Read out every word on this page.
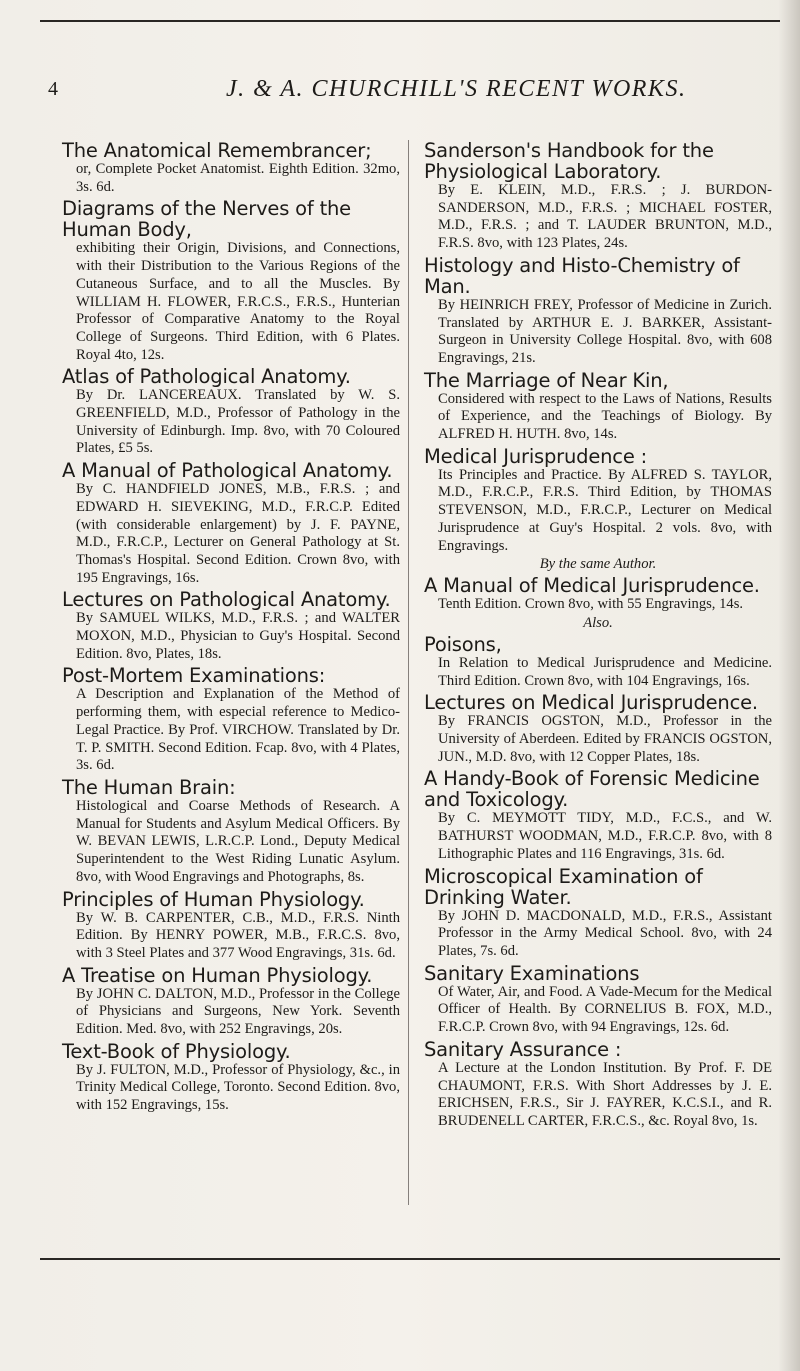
4	J. & A. CHURCHILL'S RECENT WORKS.
The Anatomical Remembrancer;
or, Complete Pocket Anatomist. Eighth Edition. 32mo, 3s. 6d.
Diagrams of the Nerves of the Human Body,
exhibiting their Origin, Divisions, and Connections, with their Distribution to the Various Regions of the Cutaneous Surface, and to all the Muscles. By WILLIAM H. FLOWER, F.R.C.S., F.R.S., Hunterian Professor of Comparative Anatomy to the Royal College of Surgeons. Third Edition, with 6 Plates. Royal 4to, 12s.
Atlas of Pathological Anatomy.
By Dr. LANCEREAUX. Translated by W. S. GREENFIELD, M.D., Professor of Pathology in the University of Edinburgh. Imp. 8vo, with 70 Coloured Plates, £5 5s.
A Manual of Pathological Anatomy.
By C. HANDFIELD JONES, M.B., F.R.S. ; and EDWARD H. SIEVEKING, M.D., F.R.C.P. Edited (with considerable enlargement) by J. F. PAYNE, M.D., F.R.C.P., Lecturer on General Pathology at St. Thomas's Hospital. Second Edition. Crown 8vo, with 195 Engravings, 16s.
Lectures on Pathological Anatomy.
By SAMUEL WILKS, M.D., F.R.S. ; and WALTER MOXON, M.D., Physician to Guy's Hospital. Second Edition. 8vo, Plates, 18s.
Post-Mortem Examinations:
A Description and Explanation of the Method of performing them, with especial reference to Medico-Legal Practice. By Prof. VIRCHOW. Translated by Dr. T. P. SMITH. Second Edition. Fcap. 8vo, with 4 Plates, 3s. 6d.
The Human Brain:
Histological and Coarse Methods of Research. A Manual for Students and Asylum Medical Officers. By W. BEVAN LEWIS, L.R.C.P. Lond., Deputy Medical Superintendent to the West Riding Lunatic Asylum. 8vo, with Wood Engravings and Photographs, 8s.
Principles of Human Physiology.
By W. B. CARPENTER, C.B., M.D., F.R.S. Ninth Edition. By HENRY POWER, M.B., F.R.C.S. 8vo, with 3 Steel Plates and 377 Wood Engravings, 31s. 6d.
A Treatise on Human Physiology.
By JOHN C. DALTON, M.D., Professor in the College of Physicians and Surgeons, New York. Seventh Edition. Med. 8vo, with 252 Engravings, 20s.
Text-Book of Physiology.
By J. FULTON, M.D., Professor of Physiology, &c., in Trinity Medical College, Toronto. Second Edition. 8vo, with 152 Engravings, 15s.
Sanderson's Handbook for the Physiological Laboratory.
By E. KLEIN, M.D., F.R.S. ; J. BURDON-SANDERSON, M.D., F.R.S. ; MICHAEL FOSTER, M.D., F.R.S. ; and T. LAUDER BRUNTON, M.D., F.R.S. 8vo, with 123 Plates, 24s.
Histology and Histo-Chemistry of Man.
By HEINRICH FREY, Professor of Medicine in Zurich. Translated by ARTHUR E. J. BARKER, Assistant-Surgeon in University College Hospital. 8vo, with 608 Engravings, 21s.
The Marriage of Near Kin,
Considered with respect to the Laws of Nations, Results of Experience, and the Teachings of Biology. By ALFRED H. HUTH. 8vo, 14s.
Medical Jurisprudence :
Its Principles and Practice. By ALFRED S. TAYLOR, M.D., F.R.C.P., F.R.S. Third Edition, by THOMAS STEVENSON, M.D., F.R.C.P., Lecturer on Medical Jurisprudence at Guy's Hospital. 2 vols. 8vo, with Engravings.
By the same Author.
A Manual of Medical Jurisprudence.
Tenth Edition. Crown 8vo, with 55 Engravings, 14s.
Also.
Poisons,
In Relation to Medical Jurisprudence and Medicine. Third Edition. Crown 8vo, with 104 Engravings, 16s.
Lectures on Medical Jurisprudence.
By FRANCIS OGSTON, M.D., Professor in the University of Aberdeen. Edited by FRANCIS OGSTON, JUN., M.D. 8vo, with 12 Copper Plates, 18s.
A Handy-Book of Forensic Medicine and Toxicology.
By C. MEYMOTT TIDY, M.D., F.C.S., and W. BATHURST WOODMAN, M.D., F.R.C.P. 8vo, with 8 Lithographic Plates and 116 Engravings, 31s. 6d.
Microscopical Examination of Drinking Water.
By JOHN D. MACDONALD, M.D., F.R.S., Assistant Professor in the Army Medical School. 8vo, with 24 Plates, 7s. 6d.
Sanitary Examinations
Of Water, Air, and Food. A Vade-Mecum for the Medical Officer of Health. By CORNELIUS B. FOX, M.D., F.R.C.P. Crown 8vo, with 94 Engravings, 12s. 6d.
Sanitary Assurance :
A Lecture at the London Institution. By Prof. F. DE CHAUMONT, F.R.S. With Short Addresses by J. E. ERICHSEN, F.R.S., Sir J. FAYRER, K.C.S.I., and R. BRUDENELL CARTER, F.R.C.S., &c. Royal 8vo, 1s.
